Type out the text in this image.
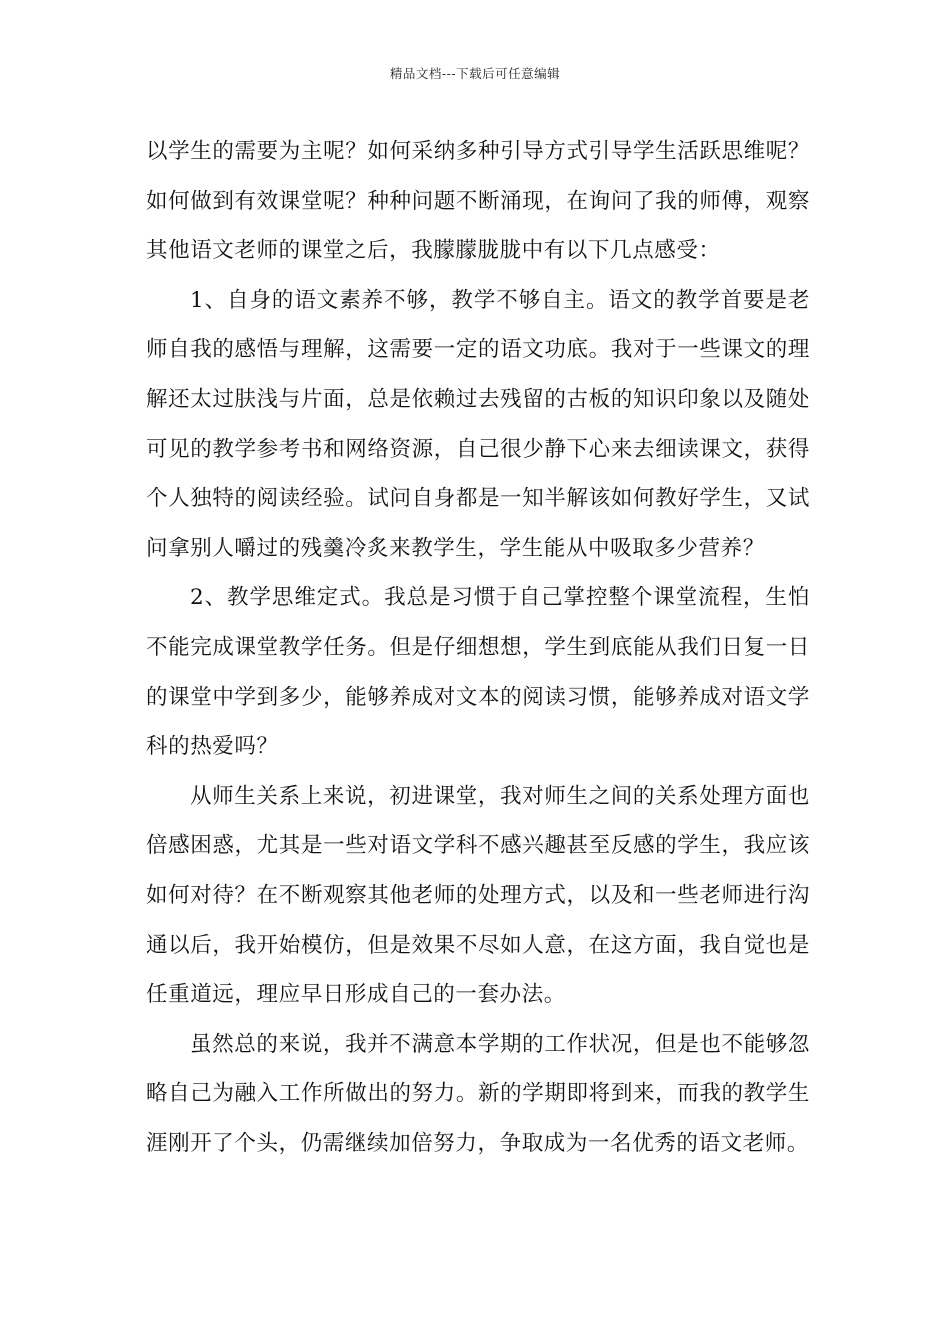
精品文档---下载后可任意编辑

以学生的需要为主呢？如何采纳多种引导方式引导学生活跃思维呢？如何做到有效课堂呢？种种问题不断涌现，在询问了我的师傅，观察其他语文老师的课堂之后，我朦朦胧胧中有以下几点感受：

1、自身的语文素养不够，教学不够自主。语文的教学首要是老师自我的感悟与理解，这需要一定的语文功底。我对于一些课文的理解还太过肤浅与片面，总是依赖过去残留的古板的知识印象以及随处可见的教学参考书和网络资源，自己很少静下心来去细读课文，获得个人独特的阅读经验。试问自身都是一知半解该如何教好学生，又试问拿别人嚼过的残羹冷炙来教学生，学生能从中吸取多少营养？

2、教学思维定式。我总是习惯于自己掌控整个课堂流程，生怕不能完成课堂教学任务。但是仔细想想，学生到底能从我们日复一日的课堂中学到多少，能够养成对文本的阅读习惯，能够养成对语文学科的热爱吗？

从师生关系上来说，初进课堂，我对师生之间的关系处理方面也倍感困惑，尤其是一些对语文学科不感兴趣甚至反感的学生，我应该如何对待？在不断观察其他老师的处理方式，以及和一些老师进行沟通以后，我开始模仿，但是效果不尽如人意，在这方面，我自觉也是任重道远，理应早日形成自己的一套办法。

虽然总的来说，我并不满意本学期的工作状况，但是也不能够忽略自己为融入工作所做出的努力。新的学期即将到来，而我的教学生涯刚开了个头，仍需继续加倍努力，争取成为一名优秀的语文老师。
